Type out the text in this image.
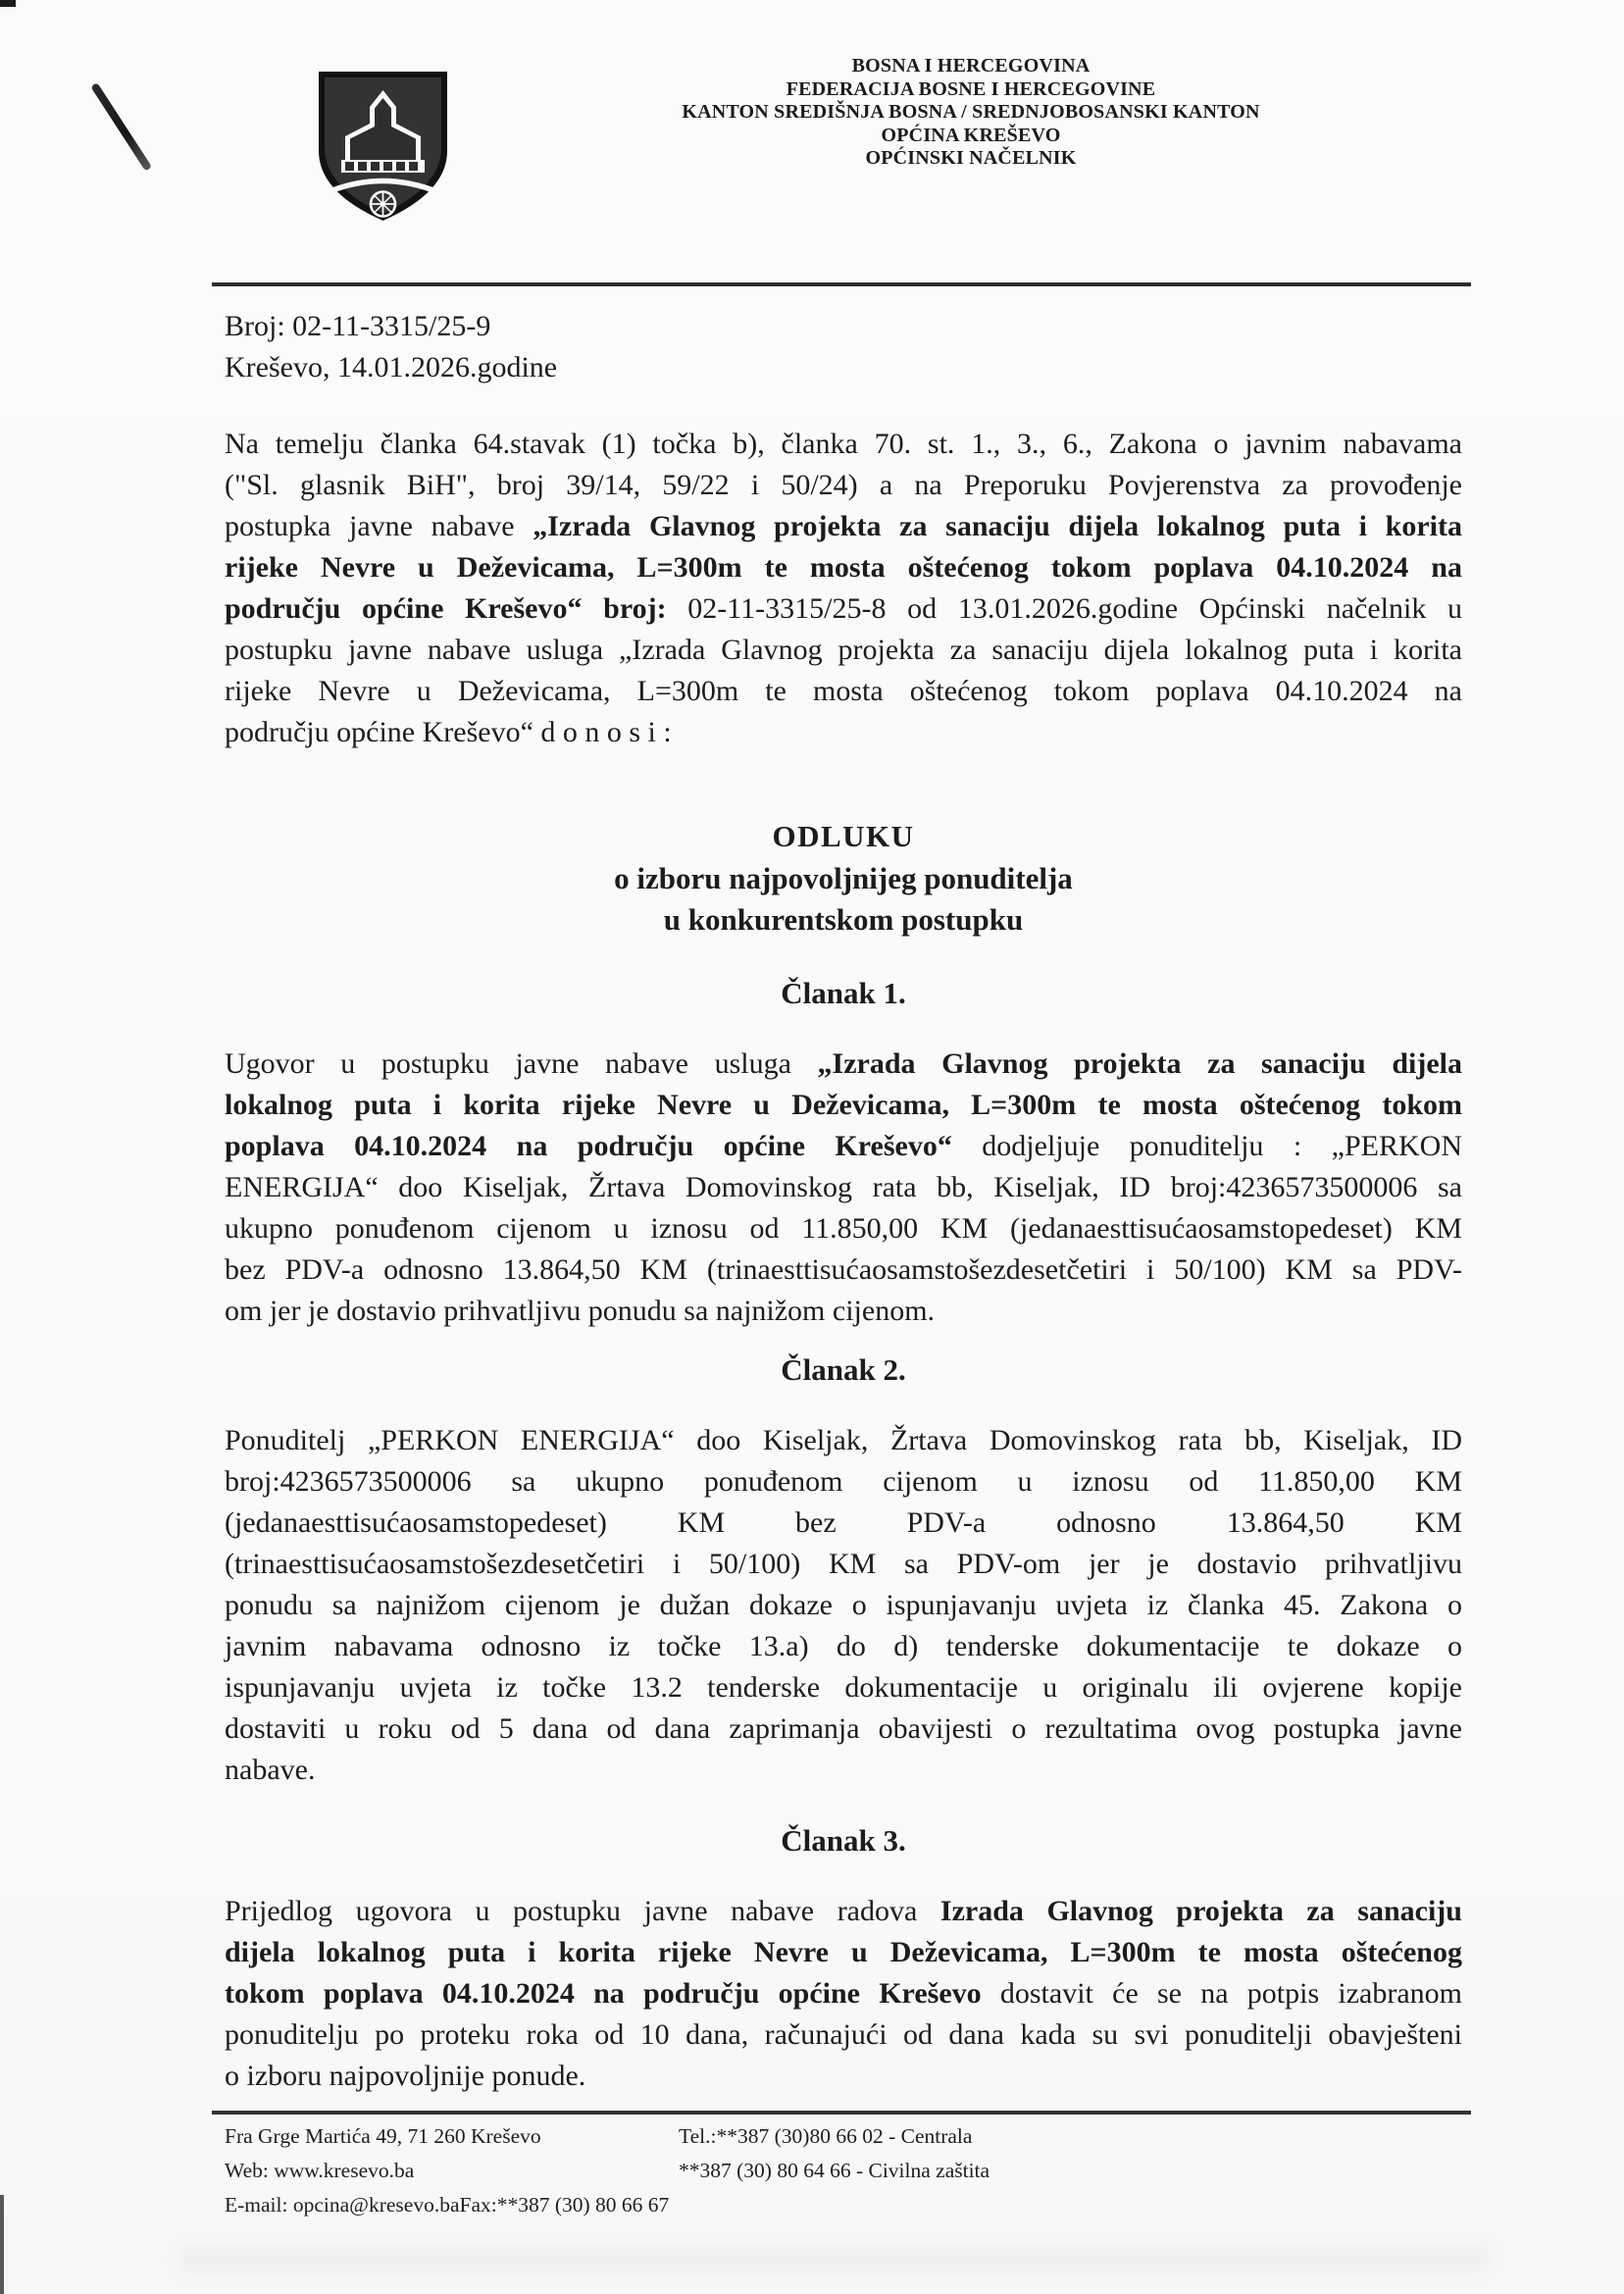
BOSNA I HERCEGOVINA
FEDERACIJA BOSNE I HERCEGOVINE
KANTON SREDIŠNJA BOSNA / SREDNJOBOSANSKI KANTON
OPĆINA KREŠEVO
OPĆINSKI NAČELNIK
Broj: 02-11-3315/25-9
Kreševo, 14.01.2026.godine
Na temelju članka 64.stavak (1) točka b), članka 70. st. 1., 3., 6., Zakona o javnim nabavama
("Sl. glasnik BiH", broj 39/14, 59/22 i 50/24) a na Preporuku Povjerenstva za provođenje
postupka javne nabave „Izrada Glavnog projekta za sanaciju dijela lokalnog puta i korita
rijeke Nevre u Deževicama, L=300m te mosta oštećenog tokom poplava 04.10.2024 na
području općine Kreševo“ broj: 02-11-3315/25-8 od 13.01.2026.godine Općinski načelnik u
postupku javne nabave usluga „Izrada Glavnog projekta za sanaciju dijela lokalnog puta i korita
rijeke Nevre u Deževicama, L=300m te mosta oštećenog tokom poplava 04.10.2024 na
području općine Kreševo“ d o n o s i :
ODLUKU
o izboru najpovoljnijeg ponuditelja
u konkurentskom postupku
Članak 1.
Ugovor u postupku javne nabave usluga „Izrada Glavnog projekta za sanaciju dijela
lokalnog puta i korita rijeke Nevre u Deževicama, L=300m te mosta oštećenog tokom
poplava 04.10.2024 na području općine Kreševo“ dodjeljuje ponuditelju : „PERKON
ENERGIJA“ doo Kiseljak, Žrtava Domovinskog rata bb, Kiseljak, ID broj:4236573500006 sa
ukupno ponuđenom cijenom u iznosu od 11.850,00 KM (jedanaesttisućaosamstopedeset) KM
bez PDV-a odnosno 13.864,50 KM (trinaesttisućaosamstošezdesetčetiri i 50/100) KM sa PDV-
om jer je dostavio prihvatljivu ponudu sa najnižom cijenom.
Članak 2.
Ponuditelj „PERKON ENERGIJA“ doo Kiseljak, Žrtava Domovinskog rata bb, Kiseljak, ID
broj:4236573500006 sa ukupno ponuđenom cijenom u iznosu od 11.850,00 KM
(jedanaesttisućaosamstopedeset) KM bez PDV-a odnosno 13.864,50 KM
(trinaesttisućaosamstošezdesetčetiri i 50/100) KM sa PDV-om jer je dostavio prihvatljivu
ponudu sa najnižom cijenom je dužan dokaze o ispunjavanju uvjeta iz članka 45. Zakona o
javnim nabavama odnosno iz točke 13.a) do d) tenderske dokumentacije te dokaze o
ispunjavanju uvjeta iz točke 13.2 tenderske dokumentacije u originalu ili ovjerene kopije
dostaviti u roku od 5 dana od dana zaprimanja obavijesti o rezultatima ovog postupka javne
nabave.
Članak 3.
Prijedlog ugovora u postupku javne nabave radova Izrada Glavnog projekta za sanaciju
dijela lokalnog puta i korita rijeke Nevre u Deževicama, L=300m te mosta oštećenog
tokom poplava 04.10.2024 na području općine Kreševo dostavit će se na potpis izabranom
ponuditelju po proteku roka od 10 dana, računajući od dana kada su svi ponuditelji obavješteni
o izboru najpovoljnije ponude.
Fra Grge Martića 49, 71 260 Kreševo	Tel.:**387 (30)80 66 02 - Centrala
Web: www.kresevo.ba	**387 (30) 80 64 66 - Civilna zaštita
E-mail: opcina@kresevo.baFax:**387 (30) 80 66 67
